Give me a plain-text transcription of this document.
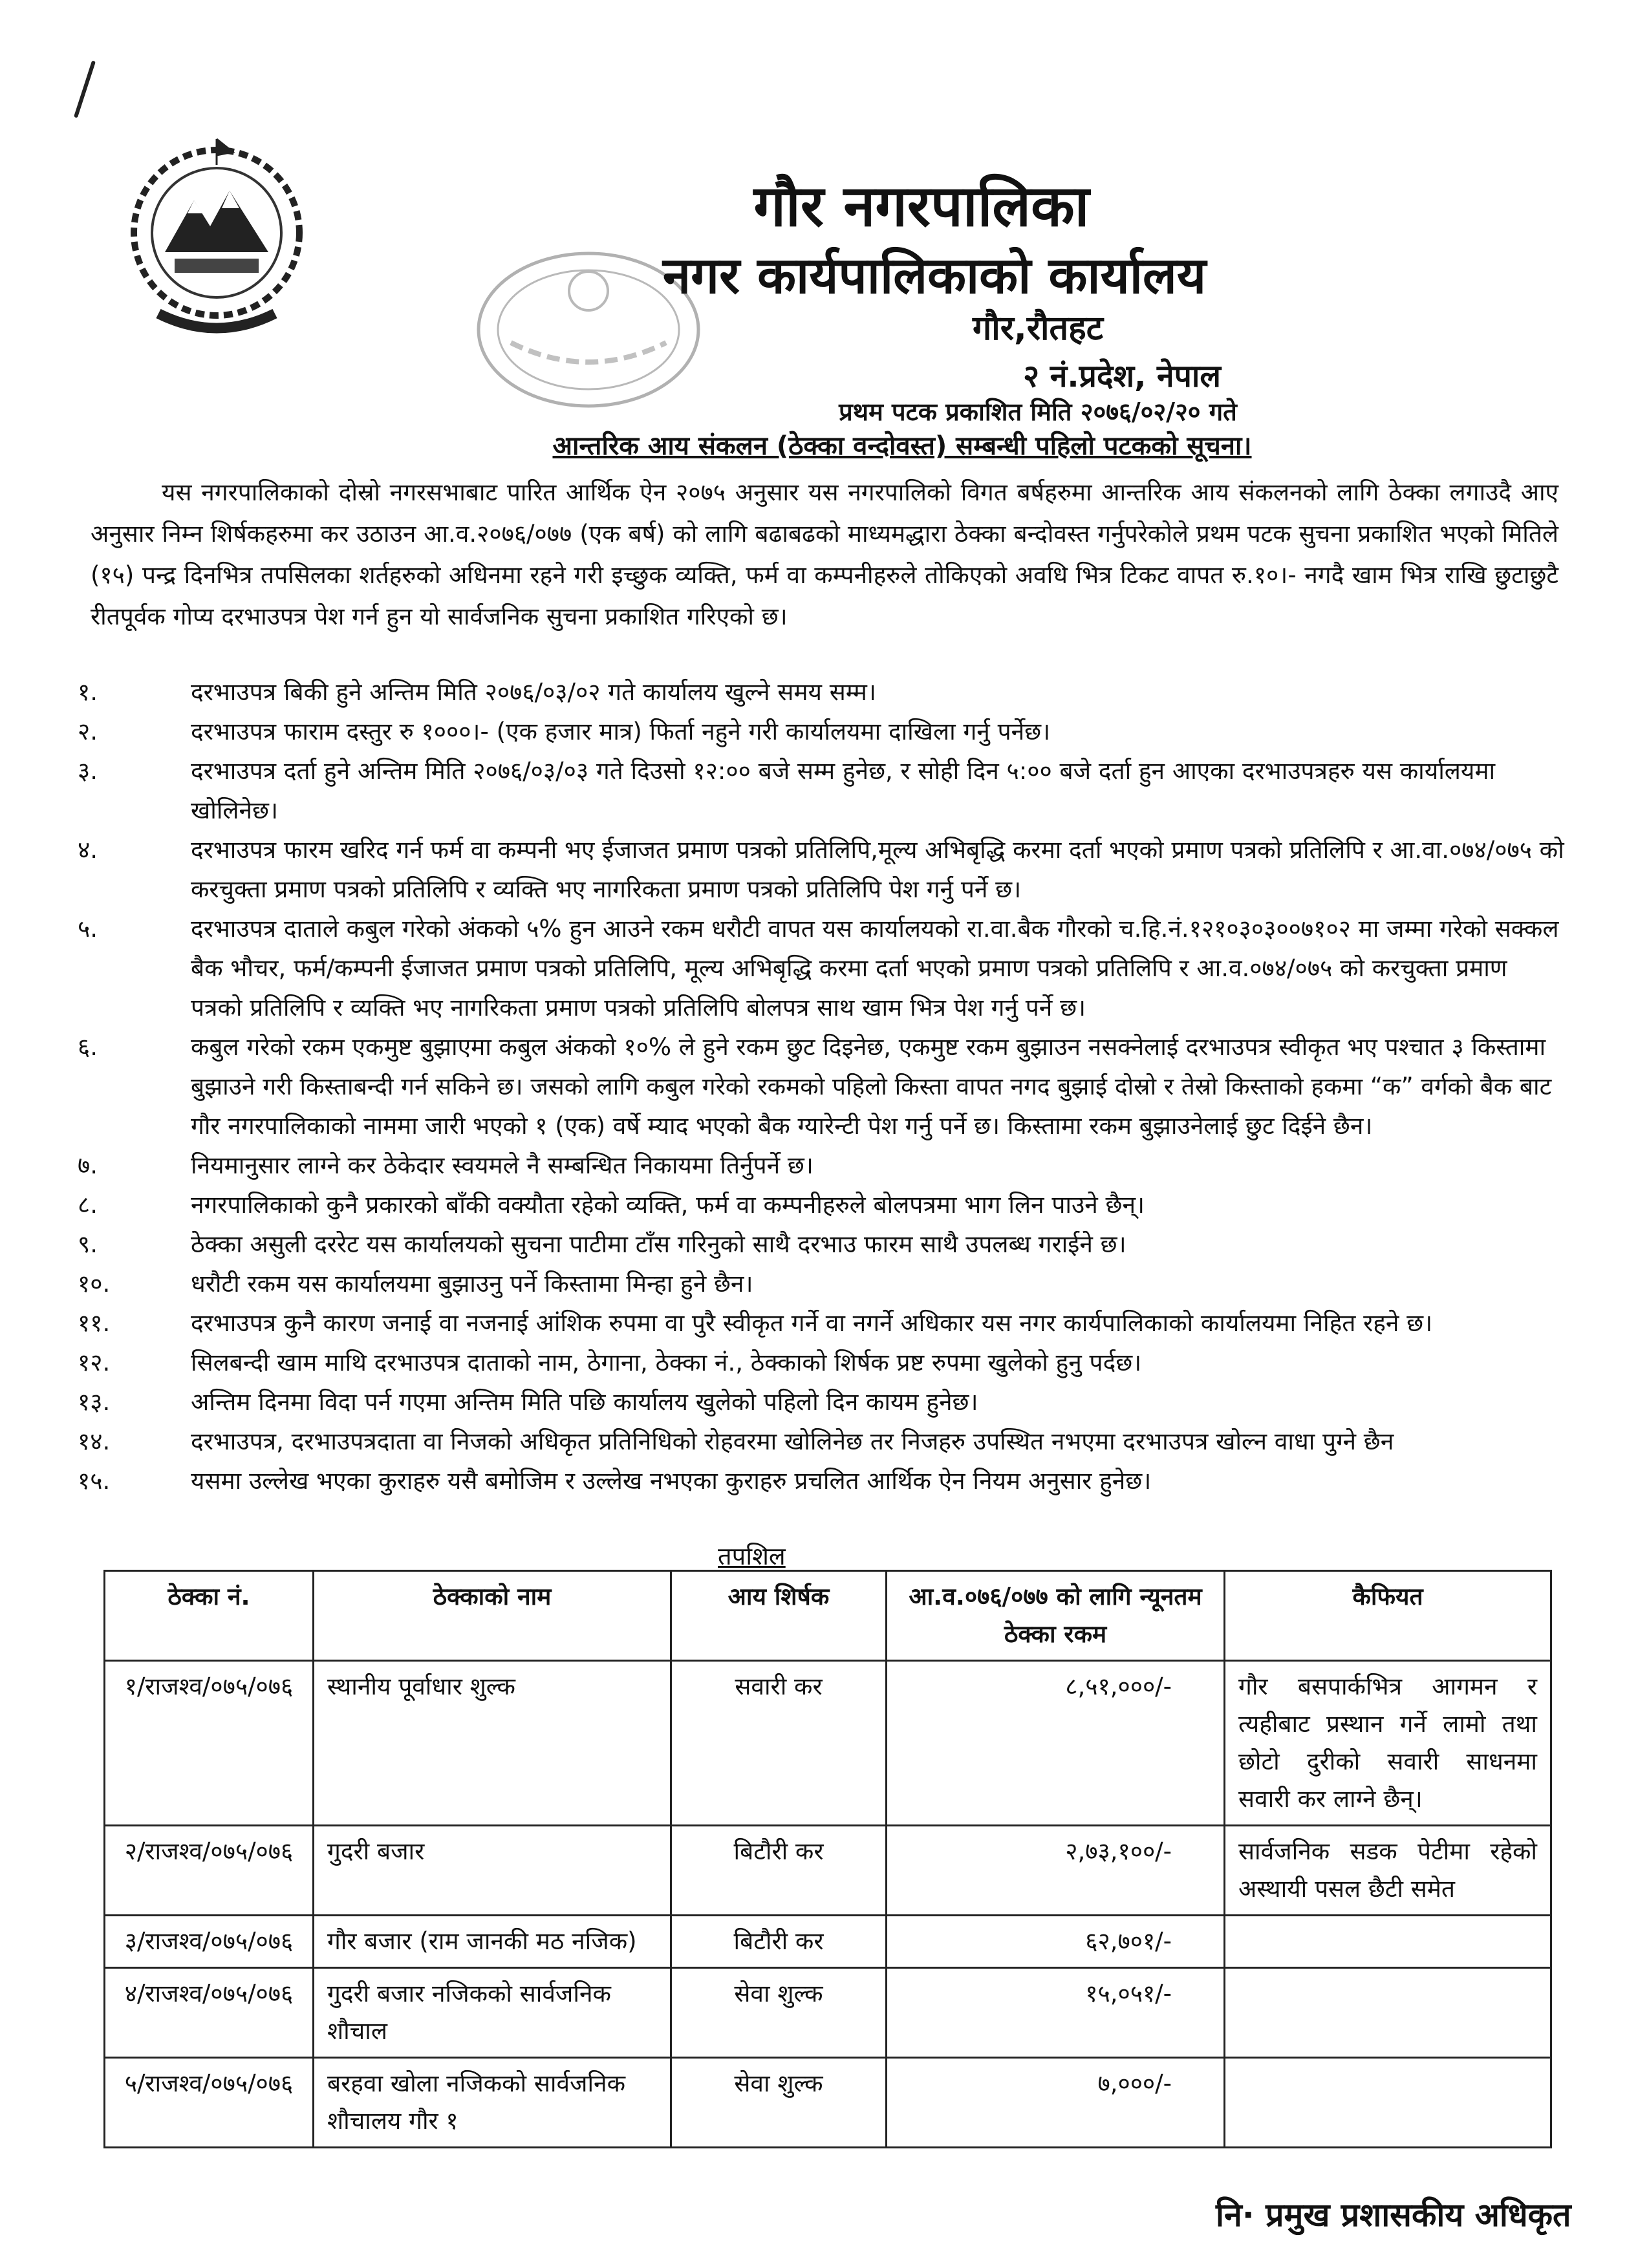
गौर नगरपालिका
नगर कार्यपालिकाको कार्यालय
गौर,रौतहट
२ नं.प्रदेश, नेपाल
प्रथम पटक प्रकाशित मिति २०७६/०२/२० गते
आन्तरिक आय संकलन (ठेक्का वन्दोवस्त) सम्बन्धी पहिलो पटकको सूचना।
यस नगरपालिकाको दोस्रो नगरसभाबाट पारित आर्थिक ऐन २०७५ अनुसार यस नगरपालिको विगत बर्षहरुमा आन्तरिक आय संकलनको लागि ठेक्का लगाउदै आए अनुसार निम्न शिर्षकहरुमा कर उठाउन आ.व.२०७६/०७७ (एक बर्ष) को लागि बढाबढको माध्यमद्धारा ठेक्का बन्दोवस्त गर्नुपरेकोले प्रथम पटक सुचना प्रकाशित भएको मितिले (१५) पन्द्र दिनभित्र तपसिलका शर्तहरुको अधिनमा रहने गरी इच्छुक व्यक्ति, फर्म वा कम्पनीहरुले तोकिएको अवधि भित्र टिकट वापत रु.१०।- नगदै खाम भित्र राखि छुटाछुटै रीतपूर्वक गोप्य दरभाउपत्र पेश गर्न हुन यो सार्वजनिक सुचना प्रकाशित गरिएको छ।
१.	दरभाउपत्र बिकी हुने अन्तिम मिति २०७६/०३/०२ गते कार्यालय खुल्ने समय सम्म।
२.	दरभाउपत्र फाराम दस्तुर रु १०००।- (एक हजार मात्र) फिर्ता नहुने गरी कार्यालयमा दाखिला गर्नु पर्नेछ।
३.	दरभाउपत्र दर्ता हुने अन्तिम मिति २०७६/०३/०३ गते दिउसो १२:०० बजे सम्म हुनेछ, र सोही दिन ५:०० बजे दर्ता हुन आएका दरभाउपत्रहरु यस कार्यालयमा खोलिनेछ।
४.	दरभाउपत्र फारम खरिद गर्न फर्म वा कम्पनी भए ईजाजत प्रमाण पत्रको प्रतिलिपि,मूल्य अभिबृद्धि करमा दर्ता भएको प्रमाण पत्रको प्रतिलिपि र आ.वा.०७४/०७५ को करचुक्ता प्रमाण पत्रको प्रतिलिपि र व्यक्ति भए नागरिकता प्रमाण पत्रको प्रतिलिपि पेश गर्नु पर्ने छ।
५.	दरभाउपत्र दाताले कबुल गरेको अंकको ५% हुन आउने रकम धरौटी वापत यस कार्यालयको रा.वा.बैक गौरको च.हि.नं.१२१०३०३००७१०२ मा जम्मा गरेको सक्कल बैक भौचर, फर्म/कम्पनी ईजाजत प्रमाण पत्रको प्रतिलिपि, मूल्य अभिबृद्धि करमा दर्ता भएको प्रमाण पत्रको प्रतिलिपि र आ.व.०७४/०७५ को करचुक्ता प्रमाण पत्रको प्रतिलिपि र व्यक्ति भए नागरिकता प्रमाण पत्रको प्रतिलिपि बोलपत्र साथ खाम भित्र पेश गर्नु पर्ने छ।
६.	कबुल गरेको रकम एकमुष्ट बुझाएमा कबुल अंकको १०% ले हुने रकम छुट दिइनेछ, एकमुष्ट रकम बुझाउन नसक्नेलाई दरभाउपत्र स्वीकृत भए पश्चात ३ किस्तामा बुझाउने गरी किस्ताबन्दी गर्न सकिने छ। जसको लागि कबुल गरेको रकमको पहिलो किस्ता वापत नगद बुझाई दोस्रो र तेस्रो किस्ताको हकमा “क” वर्गको बैक बाट गौर नगरपालिकाको नाममा जारी भएको १ (एक) वर्षे म्याद भएको बैक ग्यारेन्टी पेश गर्नु पर्ने छ। किस्तामा रकम बुझाउनेलाई छुट दिईने छैन।
७.	नियमानुसार लाग्ने कर ठेकेदार स्वयमले नै सम्बन्धित निकायमा तिर्नुपर्ने छ।
८.	नगरपालिकाको कुनै प्रकारको बाँकी वक्यौता रहेको व्यक्ति, फर्म वा कम्पनीहरुले बोलपत्रमा भाग लिन पाउने छैन्।
९.	ठेक्का असुली दररेट यस कार्यालयको सुचना पाटीमा टाँस गरिनुको साथै दरभाउ फारम साथै उपलब्ध गराईने छ।
१०.	धरौटी रकम यस कार्यालयमा बुझाउनु पर्ने किस्तामा मिन्हा हुने छैन।
११.	दरभाउपत्र कुनै कारण जनाई वा नजनाई आंशिक रुपमा वा पुरै स्वीकृत गर्ने वा नगर्ने अधिकार यस नगर कार्यपालिकाको कार्यालयमा निहित रहने छ।
१२.	सिलबन्दी खाम माथि दरभाउपत्र दाताको नाम, ठेगाना, ठेक्का नं., ठेक्काको शिर्षक प्रष्ट रुपमा खुलेको हुनु पर्दछ।
१३.	अन्तिम दिनमा विदा पर्न गएमा अन्तिम मिति पछि कार्यालय खुलेको पहिलो दिन कायम हुनेछ।
१४.	दरभाउपत्र, दरभाउपत्रदाता वा निजको अधिकृत प्रतिनिधिको रोहवरमा खोलिनेछ तर निजहरु उपस्थित नभएमा दरभाउपत्र खोल्न वाधा पुग्ने छैन
१५.	यसमा उल्लेख भएका कुराहरु यसै बमोजिम र उल्लेख नभएका कुराहरु प्रचलित आर्थिक ऐन नियम अनुसार हुनेछ।
तपशिल
ठेक्का नं.	ठेक्काको नाम	आय शिर्षक	आ.व.०७६/०७७ को लागि न्यूनतम ठेक्का रकम	कैफियत
१/राजश्व/०७५/०७६	स्थानीय पूर्वाधार शुल्क	सवारी कर	८,५१,०००/-	गौर बसपार्कभित्र आगमन र त्यहीबाट प्रस्थान गर्ने लामो तथा छोटो दुरीको सवारी साधनमा सवारी कर लाग्ने छैन्।
२/राजश्व/०७५/०७६	गुदरी बजार	बिटौरी कर	२,७३,१००/-	सार्वजनिक सडक पेटीमा रहेको अस्थायी पसल छैटी समेत
३/राजश्व/०७५/०७६	गौर बजार (राम जानकी मठ नजिक)	बिटौरी कर	६२,७०१/-	
४/राजश्व/०७५/०७६	गुदरी बजार नजिकको सार्वजनिक शौचाल	सेवा शुल्क	१५,०५१/-	
५/राजश्व/०७५/०७६	बरहवा खोला नजिकको सार्वजनिक शौचालय गौर १	सेवा शुल्क	७,०००/-	
नि· प्रमुख प्रशासकीय अधिकृत
